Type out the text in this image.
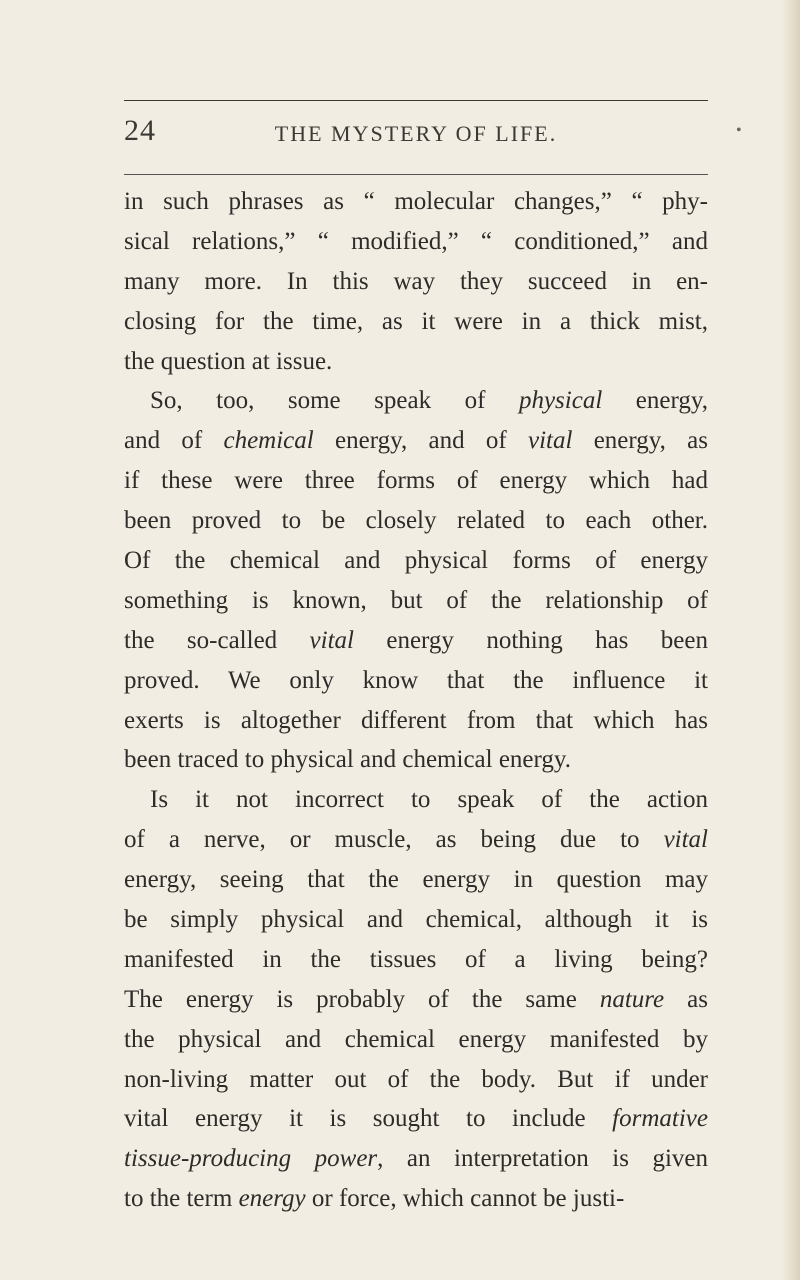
24	THE MYSTERY OF LIFE.	•
in such phrases as “ molecular changes,” “ phy-
sical relations,” “ modified,” “ conditioned,” and
many more. In this way they succeed in en-
closing for the time, as it were in a thick mist,
the question at issue.
So, too, some speak of physical energy,
and of chemical energy, and of vital energy, as
if these were three forms of energy which had
been proved to be closely related to each other.
Of the chemical and physical forms of energy
something is known, but of the relationship of
the so-called vital energy nothing has been
proved. We only know that the influence it
exerts is altogether different from that which has
been traced to physical and chemical energy.
Is it not incorrect to speak of the action
of a nerve, or muscle, as being due to vital
energy, seeing that the energy in question may
be simply physical and chemical, although it is
manifested in the tissues of a living being?
The energy is probably of the same nature as
the physical and chemical energy manifested by
non-living matter out of the body. But if under
vital energy it is sought to include formative
tissue-producing power, an interpretation is given
to the term energy or force, which cannot be justi-
